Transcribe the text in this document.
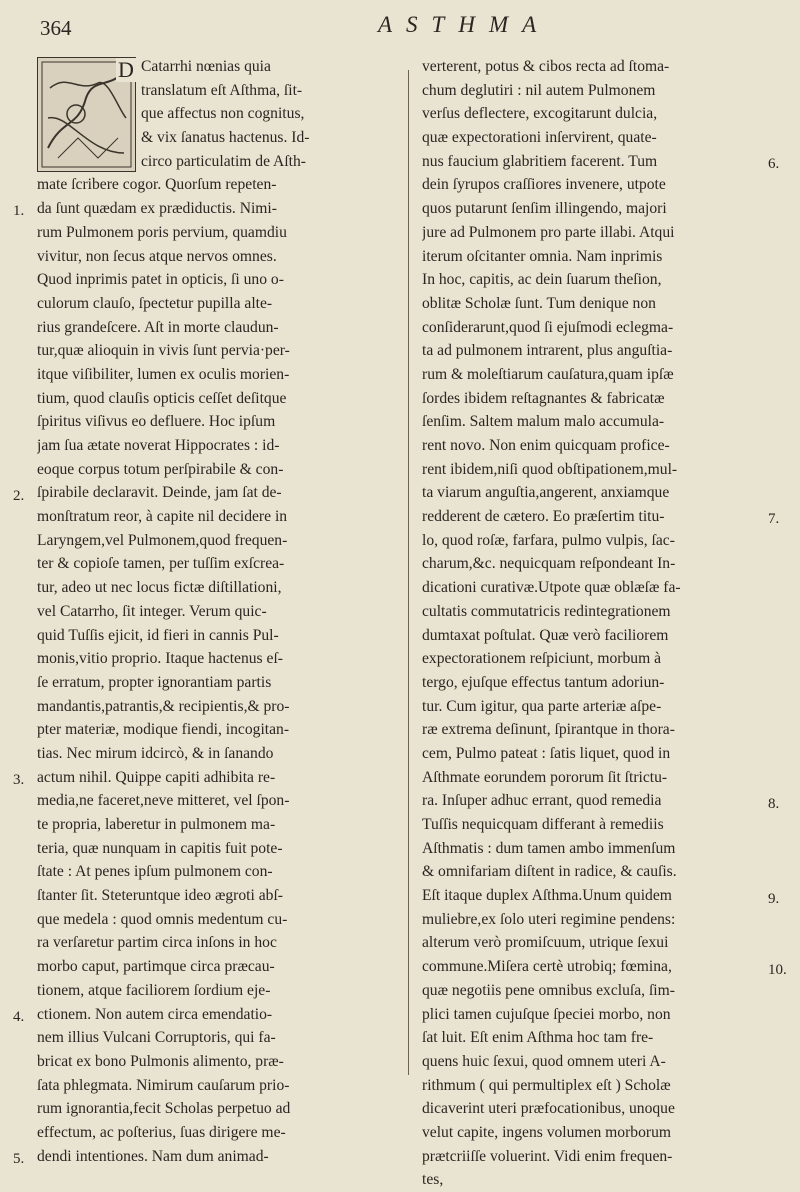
364	ASTHMA
D Catarrhi nœnias quia
translatum eſt Aſthma, ſit-
que affectus non cognitus,
& vix ſanatus hactenus. Id-
circo particulatim de Aſth-
mate ſcribere cogor. Quorſum repeten-
da ſunt quædam ex prædiductis. Nimi-
rum Pulmonem poris pervium, quamdiu
vivitur, non ſecus atque nervos omnes.
Quod inprimis patet in opticis, ſi uno o-
culorum clauſo, ſpectetur pupilla alte-
rius grandeſcere. Aſt in morte claudun-
tur,quæ alioquin in vivis ſunt pervia·per-
itque viſibiliter, lumen ex oculis morien-
tium, quod clauſis opticis ceſſet deſitque
ſpiritus viſivus eo defluere. Hoc ipſum
jam ſua ætate noverat Hippocrates : id-
eoque corpus totum perſpirabile & con-
ſpirabile declaravit. Deinde, jam ſat de-
monſtratum reor, à capite nil decidere in
Laryngem,vel Pulmonem,quod frequen-
ter & copioſe tamen, per tuſſim exſcrea-
tur, adeo ut nec locus fictæ diſtillationi,
vel Catarrho, ſit integer. Verum quic-
quid Tuſſis ejicit, id fieri in cannis Pul-
monis,vitio proprio. Itaque hactenus eſ-
ſe erratum, propter ignorantiam partis
mandantis,patrantis,& recipientis,& pro-
pter materiæ, modique fiendi, incogitan-
tias. Nec mirum idcircò, & in ſanando
actum nihil. Quippe capiti adhibita re-
media,ne faceret,neve mitteret, vel ſpon-
te propria, laberetur in pulmonem ma-
teria, quæ nunquam in capitis fuit pote-
ſtate : At penes ipſum pulmonem con-
ſtanter ſit. Steteruntque ideo ægroti abſ-
que medela : quod omnis medentum cu-
ra verſaretur partim circa inſons in hoc
morbo caput, partimque circa præcau-
tionem, atque faciliorem ſordium eje-
ctionem. Non autem circa emendatio-
nem illius Vulcani Corruptoris, qui fa-
bricat ex bono Pulmonis alimento, præ-
ſata phlegmata. Nimirum cauſarum prio-
rum ignorantia,fecit Scholas perpetuo ad
effectum, ac poſterius, ſuas dirigere me-
dendi intentiones. Nam dum animad-
1.
2.
3.
4.
5.
verterent, potus & cibos recta ad ſtoma-
chum deglutiri : nil autem Pulmonem
verſus deflectere, excogitarunt dulcia,
quæ expectorationi inſervirent, quate-
nus faucium glabritiem facerent. Tum
dein ſyrupos craſſiores invenere, utpote
quos putarunt ſenſim illingendo, majori
jure ad Pulmonem pro parte illabi. Atqui
iterum oſcitanter omnia. Nam inprimis
In hoc, capitis, ac dein ſuarum theſion,
oblitæ Scholæ ſunt. Tum denique non
conſiderarunt,quod ſi ejuſmodi eclegma-
ta ad pulmonem intrarent, plus anguſtia-
rum & moleſtiarum cauſatura,quam ipſæ
ſordes ibidem reſtagnantes & fabricatæ
ſenſim. Saltem malum malo accumula-
rent novo. Non enim quicquam profice-
rent ibidem,niſi quod obſtipationem,mul-
ta viarum anguſtia,angerent, anxiamque
redderent de cætero. Eo præſertim titu-
lo, quod roſæ, farfara, pulmo vulpis, ſac-
charum,&c. nequicquam reſpondeant In-
dicationi curativæ.Utpote quæ oblæſæ fa-
cultatis commutatricis redintegrationem
dumtaxat poſtulat. Quæ verò faciliorem
expectorationem reſpiciunt, morbum à
tergo, ejuſque effectus tantum adoriun-
tur. Cum igitur, qua parte arteriæ aſpe-
ræ extrema deſinunt, ſpirantque in thora-
cem, Pulmo pateat : ſatis liquet, quod in
Aſthmate eorundem pororum ſit ſtrictu-
ra. Inſuper adhuc errant, quod remedia
Tuſſis nequicquam differant à remediis
Aſthmatis : dum tamen ambo immenſum
& omnifariam diſtent in radice, & cauſis.
Eſt itaque duplex Aſthma.Unum quidem
muliebre,ex ſolo uteri regimine pendens:
alterum verò promiſcuum, utrique ſexui
commune.Miſera certè utrobiq; fœmina,
quæ negotiis pene omnibus excluſa, ſim-
plici tamen cujuſque ſpeciei morbo, non
ſat luit. Eſt enim Aſthma hoc tam fre-
quens huic ſexui, quod omnem uteri A-
rithmum ( qui permultiplex eſt ) Scholæ
dicaverint uteri præfocationibus, unoque
velut capite, ingens volumen morborum
prætcriiſſe voluerint. Vidi enim frequen-
tes,
6.
7.
8.
9.
10.
